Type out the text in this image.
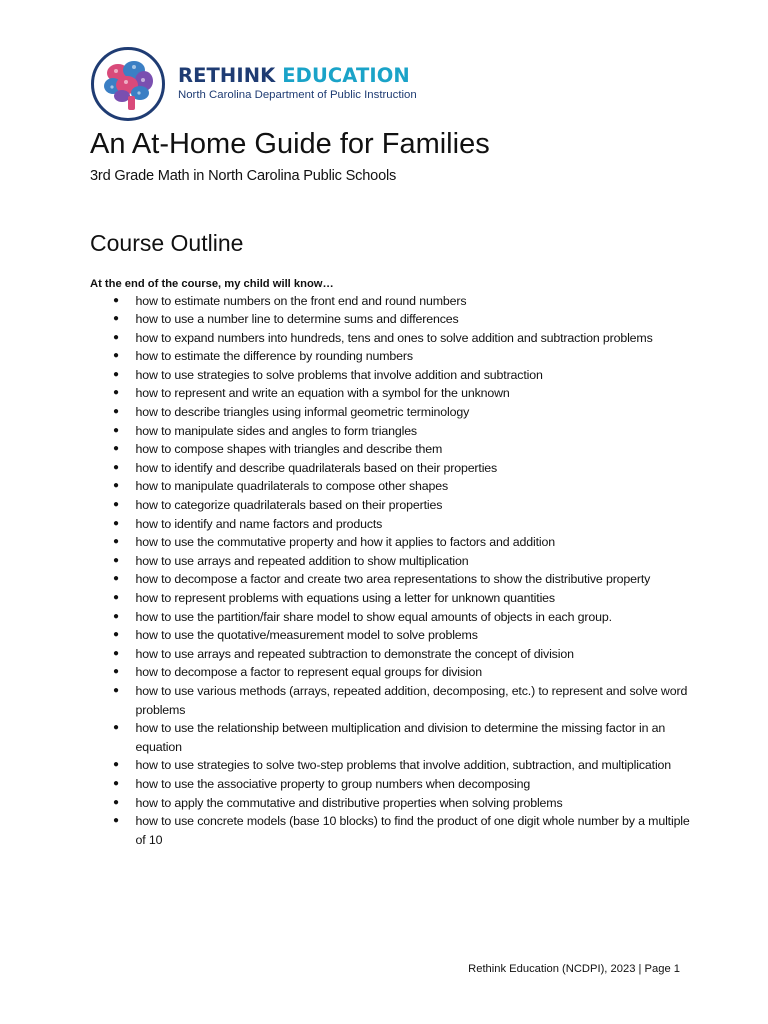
RETHINK EDUCATION
North Carolina Department of Public Instruction
An At-Home Guide for Families
3rd Grade Math in North Carolina Public Schools
Course Outline
At the end of the course, my child will know…
● how to estimate numbers on the front end and round numbers
● how to use a number line to determine sums and differences
● how to expand numbers into hundreds, tens and ones to solve addition and subtraction problems
● how to estimate the difference by rounding numbers
● how to use strategies to solve problems that involve addition and subtraction
● how to represent and write an equation with a symbol for the unknown
● how to describe triangles using informal geometric terminology
● how to manipulate sides and angles to form triangles
● how to compose shapes with triangles and describe them
● how to identify and describe quadrilaterals based on their properties
● how to manipulate quadrilaterals to compose other shapes
● how to categorize quadrilaterals based on their properties
● how to identify and name factors and products
● how to use the commutative property and how it applies to factors and addition
● how to use arrays and repeated addition to show multiplication
● how to decompose a factor and create two area representations to show the distributive property
● how to represent problems with equations using a letter for unknown quantities
● how to use the partition/fair share model to show equal amounts of objects in each group.
● how to use the quotative/measurement model to solve problems
● how to use arrays and repeated subtraction to demonstrate the concept of division
● how to decompose a factor to represent equal groups for division
● how to use various methods (arrays, repeated addition, decomposing, etc.) to represent and solve word problems
● how to use the relationship between multiplication and division to determine the missing factor in an equation
● how to use strategies to solve two-step problems that involve addition, subtraction, and multiplication
● how to use the associative property to group numbers when decomposing
● how to apply the commutative and distributive properties when solving problems
● how to use concrete models (base 10 blocks) to find the product of one digit whole number by a multiple of 10
Rethink Education (NCDPI), 2023 | Page 1
